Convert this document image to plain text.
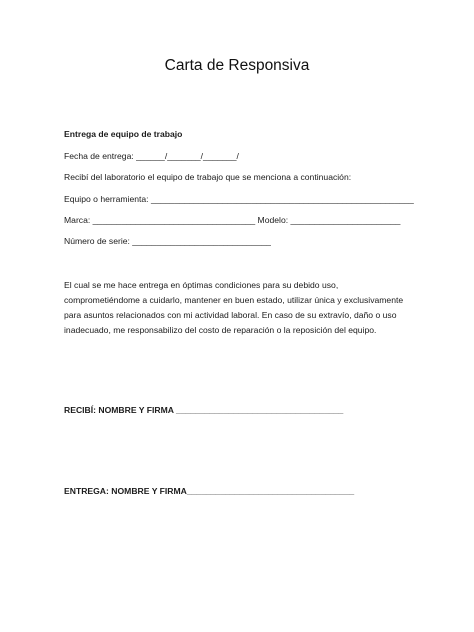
Carta de Responsiva
Entrega de equipo de trabajo
Fecha de entrega: ______/_______/_______/
Recibí del laboratorio el equipo de trabajo que se menciona a continuación:
Equipo o herramienta: _______________________________________________________
Marca: __________________________________ Modelo: _______________________
Número de serie: _____________________________
El cual se me hace entrega en óptimas condiciones para su debido uso,
comprometiéndome a cuidarlo, mantener en buen estado, utilizar única y exclusivamente
para asuntos relacionados con mi actividad laboral. En caso de su extravío, daño o uso
inadecuado, me responsabilizo del costo de reparación o la reposición del equipo.
RECIBÍ: NOMBRE Y FIRMA ___________________________________
ENTREGA: NOMBRE Y FIRMA___________________________________
